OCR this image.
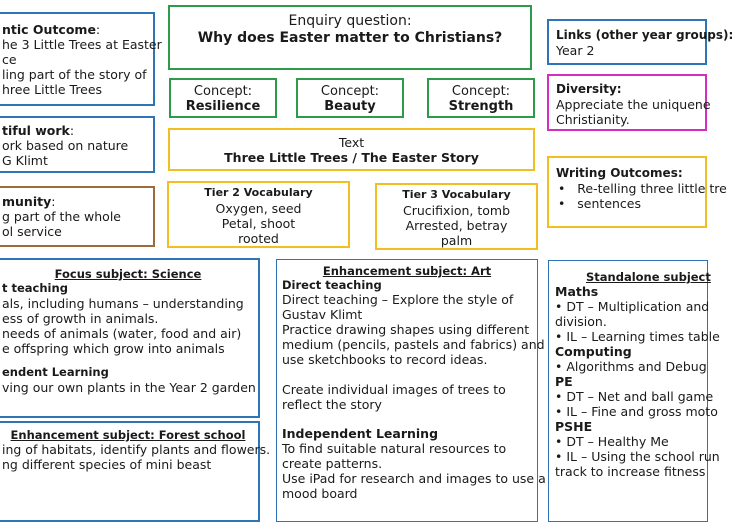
ntic Outcome:
he 3 Little Trees at Easter
ce
ling part of the story of
hree Little Trees
tiful work:
ork based on nature
G Klimt
munity:
g part of the whole
ol service
Enquiry question:
Why does Easter matter to Christians?
Concept:
Resilience
Concept:
Beauty
Concept:
Strength
Text
Three Little Trees / The Easter Story
Tier 2 Vocabulary
Oxygen, seed
Petal, shoot
rooted
Tier 3 Vocabulary
Crucifixion, tomb
Arrested, betray
palm
Links (other year groups):
Year 2
Diversity:
Appreciate the uniquene
Christianity.
Writing Outcomes:
•   Re-telling three little tre
•   sentences
Focus subject: Science
t teaching
als, including humans – understanding
ess of growth in animals.
needs of animals (water, food and air)
e offspring which grow into animals
endent Learning
ving our own plants in the Year 2 garden
Enhancement subject: Forest school
ing of habitats, identify plants and flowers.
ng different species of mini beast
Enhancement subject: Art
Direct teaching
Direct teaching – Explore the style of
Gustav Klimt
Practice drawing shapes using different
medium (pencils, pastels and fabrics) and
use sketchbooks to record ideas.
Create individual images of trees to
reflect the story
Independent Learning
To find suitable natural resources to
create patterns.
Use iPad for research and images to use a
mood board
Standalone subject
Maths
• DT – Multiplication and
division.
• IL – Learning times table
Computing
• Algorithms and Debug
PE
• DT – Net and ball game
• IL – Fine and gross moto
PSHE
• DT – Healthy Me
• IL – Using the school run
track to increase fitness
